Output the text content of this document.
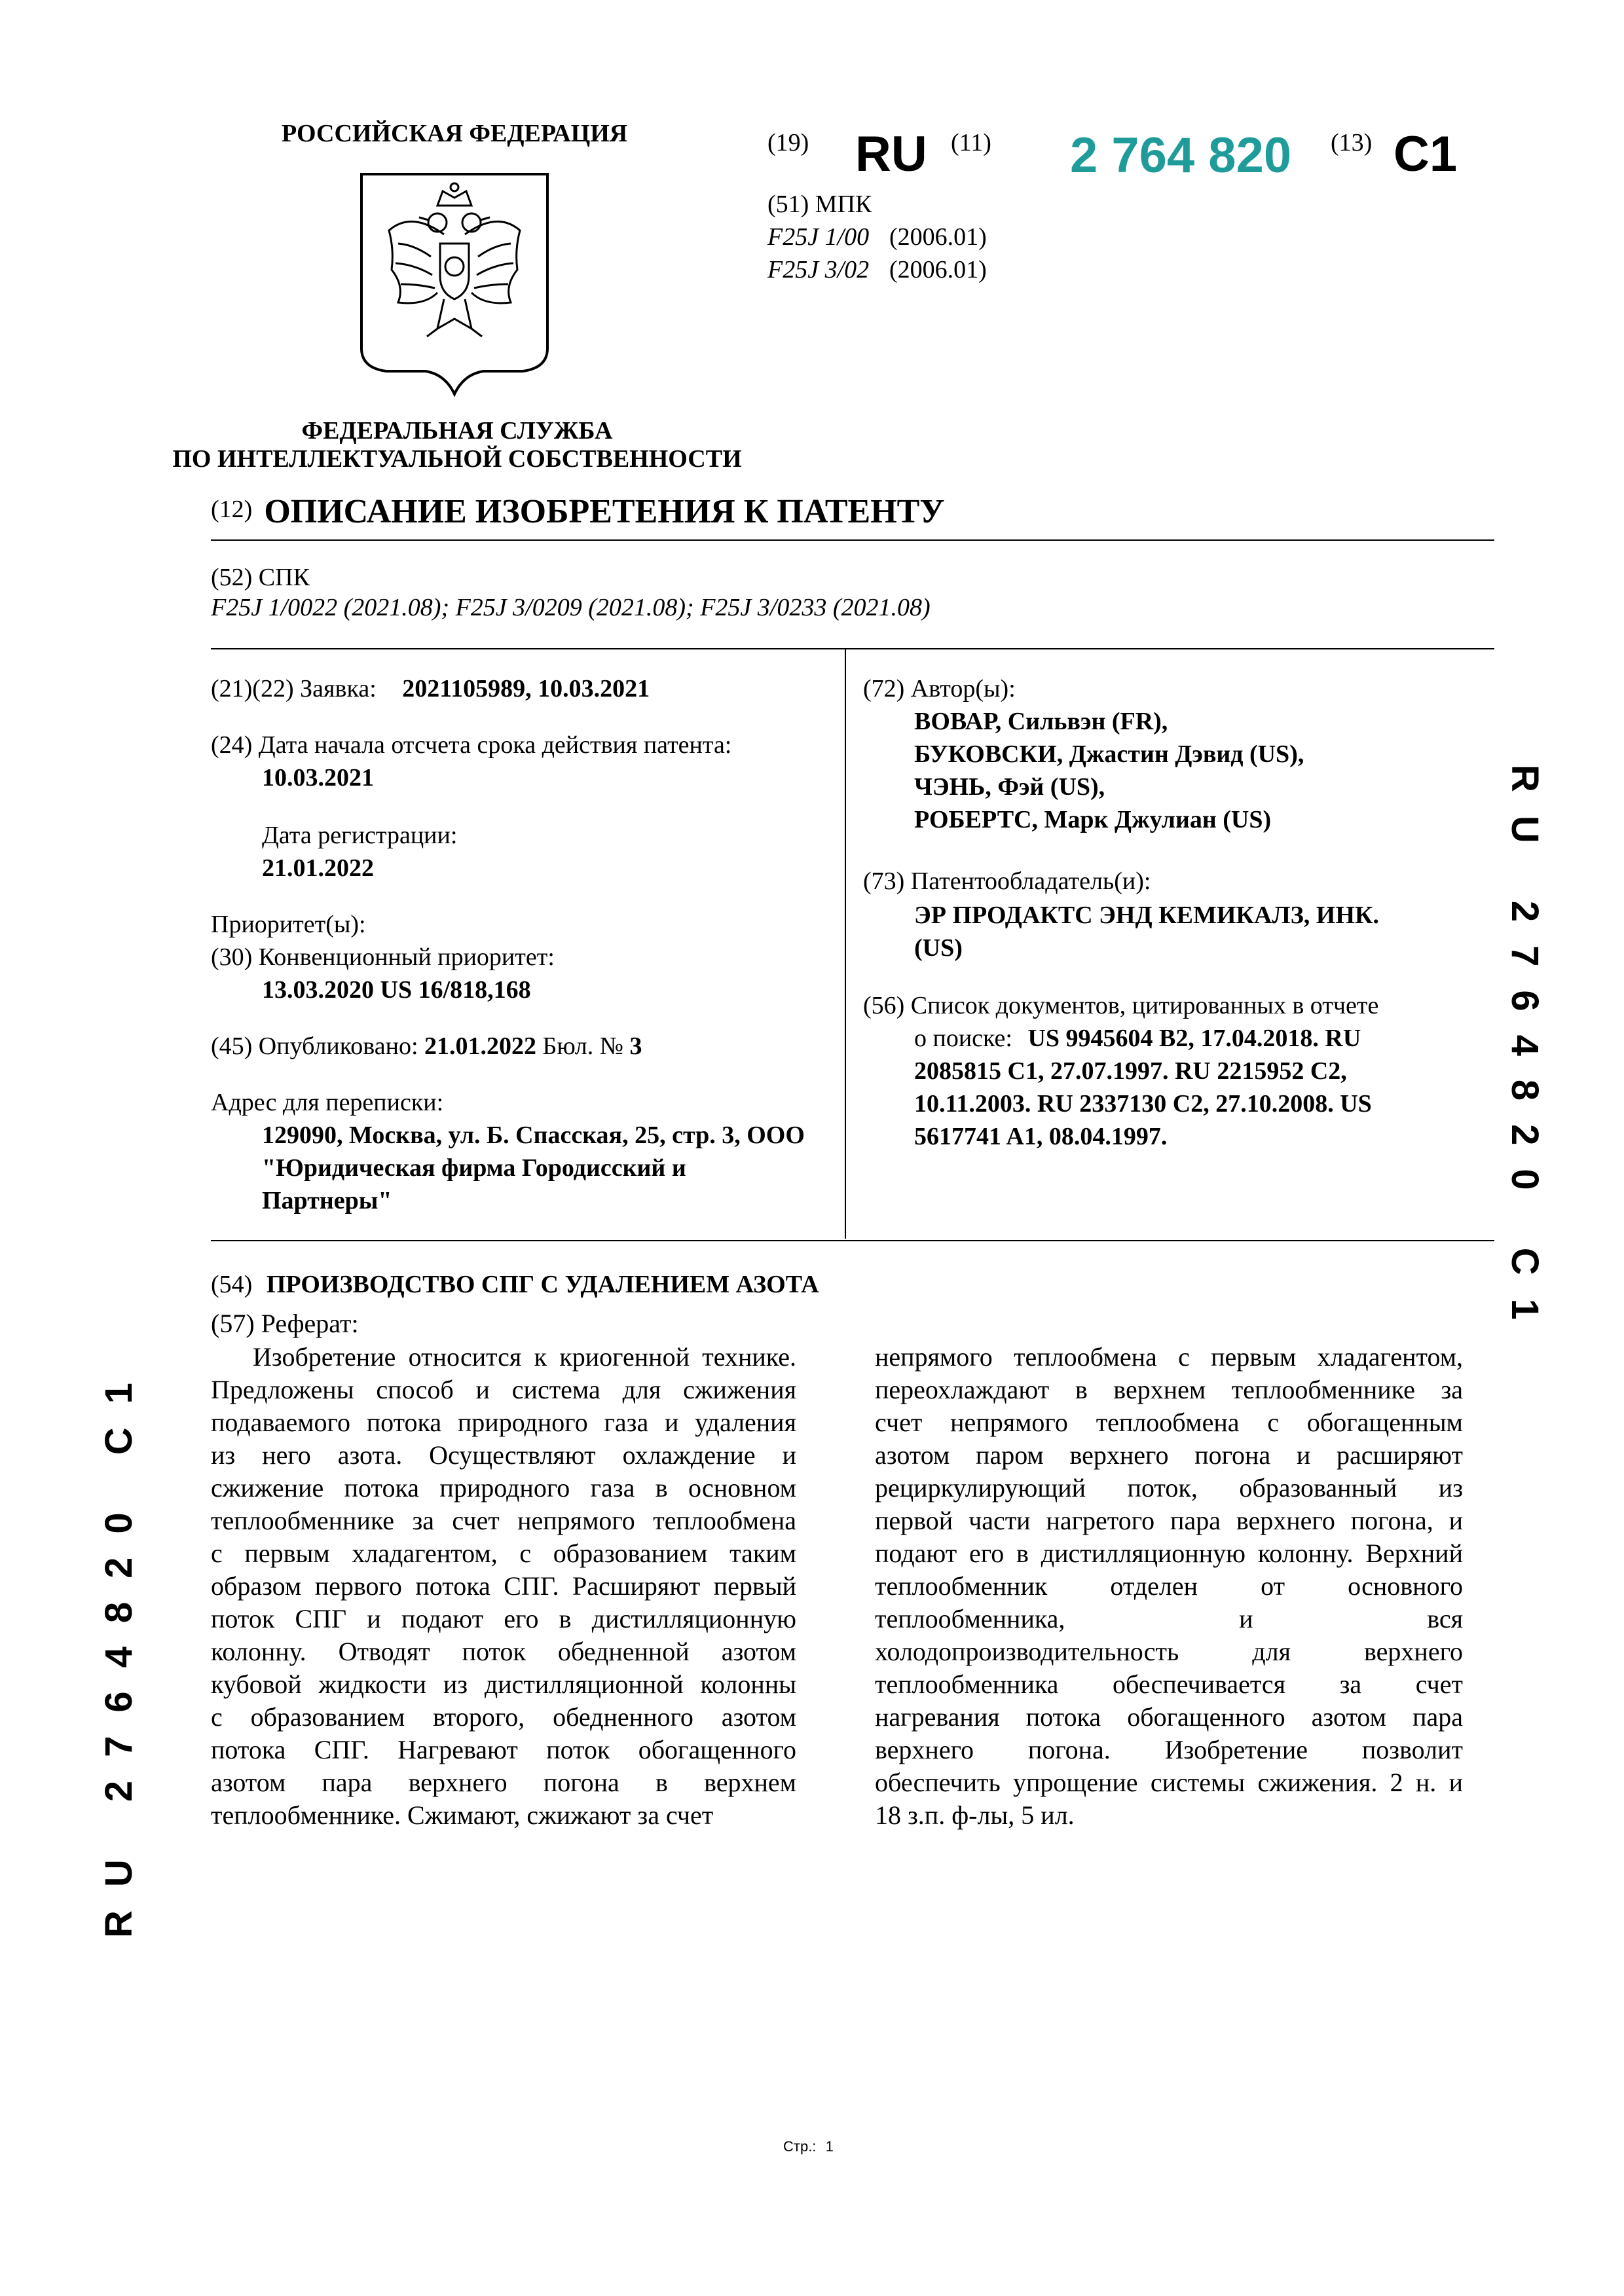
РОССИЙСКАЯ ФЕДЕРАЦИЯ
ФЕДЕРАЛЬНАЯ СЛУЖБА
ПО ИНТЕЛЛЕКТУАЛЬНОЙ СОБСТВЕННОСТИ
(19) RU (11) 2 764 820 (13) C1
(51) МПК
F25J 1/00 (2006.01)
F25J 3/02 (2006.01)
(12) ОПИСАНИЕ ИЗОБРЕТЕНИЯ К ПАТЕНТУ
(52) СПК
F25J 1/0022 (2021.08); F25J 3/0209 (2021.08); F25J 3/0233 (2021.08)
(21)(22) Заявка: 2021105989, 10.03.2021
(24) Дата начала отсчета срока действия патента:
10.03.2021
Дата регистрации:
21.01.2022
Приоритет(ы):
(30) Конвенционный приоритет:
13.03.2020 US 16/818,168
(45) Опубликовано: 21.01.2022 Бюл. № 3
Адрес для переписки:
129090, Москва, ул. Б. Спасская, 25, стр. 3, ООО
"Юридическая фирма Городисский и
Партнеры"
(72) Автор(ы):
ВОВАР, Сильвэн (FR),
БУКОВСКИ, Джастин Дэвид (US),
ЧЭНЬ, Фэй (US),
РОБЕРТС, Марк Джулиан (US)
(73) Патентообладатель(и):
ЭР ПРОДАКТС ЭНД КЕМИКАЛЗ, ИНК.
(US)
(56) Список документов, цитированных в отчете
о поиске: US 9945604 B2, 17.04.2018. RU
2085815 C1, 27.07.1997. RU 2215952 C2,
10.11.2003. RU 2337130 C2, 27.10.2008. US
5617741 A1, 08.04.1997.
(54) ПРОИЗВОДСТВО СПГ С УДАЛЕНИЕМ АЗОТА
(57) Реферат:
Изобретение относится к криогенной технике.
Предложены способ и система для сжижения
подаваемого потока природного газа и удаления
из него азота. Осуществляют охлаждение и
сжижение потока природного газа в основном
теплообменнике за счет непрямого теплообмена
с первым хладагентом, с образованием таким
образом первого потока СПГ. Расширяют первый
поток СПГ и подают его в дистилляционную
колонну. Отводят поток обедненной азотом
кубовой жидкости из дистилляционной колонны
с образованием второго, обедненного азотом
потока СПГ. Нагревают поток обогащенного
азотом пара верхнего погона в верхнем
теплообменнике. Сжимают, сжижают за счет
непрямого теплообмена с первым хладагентом,
переохлаждают в верхнем теплообменнике за
счет непрямого теплообмена с обогащенным
азотом паром верхнего погона и расширяют
рециркулирующий поток, образованный из
первой части нагретого пара верхнего погона, и
подают его в дистилляционную колонну. Верхний
теплообменник отделен от основного
теплообменника, и вся
холодопроизводительность для верхнего
теплообменника обеспечивается за счет
нагревания потока обогащенного азотом пара
верхнего погона. Изобретение позволит
обеспечить упрощение системы сжижения. 2 н. и
18 з.п. ф-лы, 5 ил.
RU 2764820 C1
RU 2764820 C1
Стр.: 1
